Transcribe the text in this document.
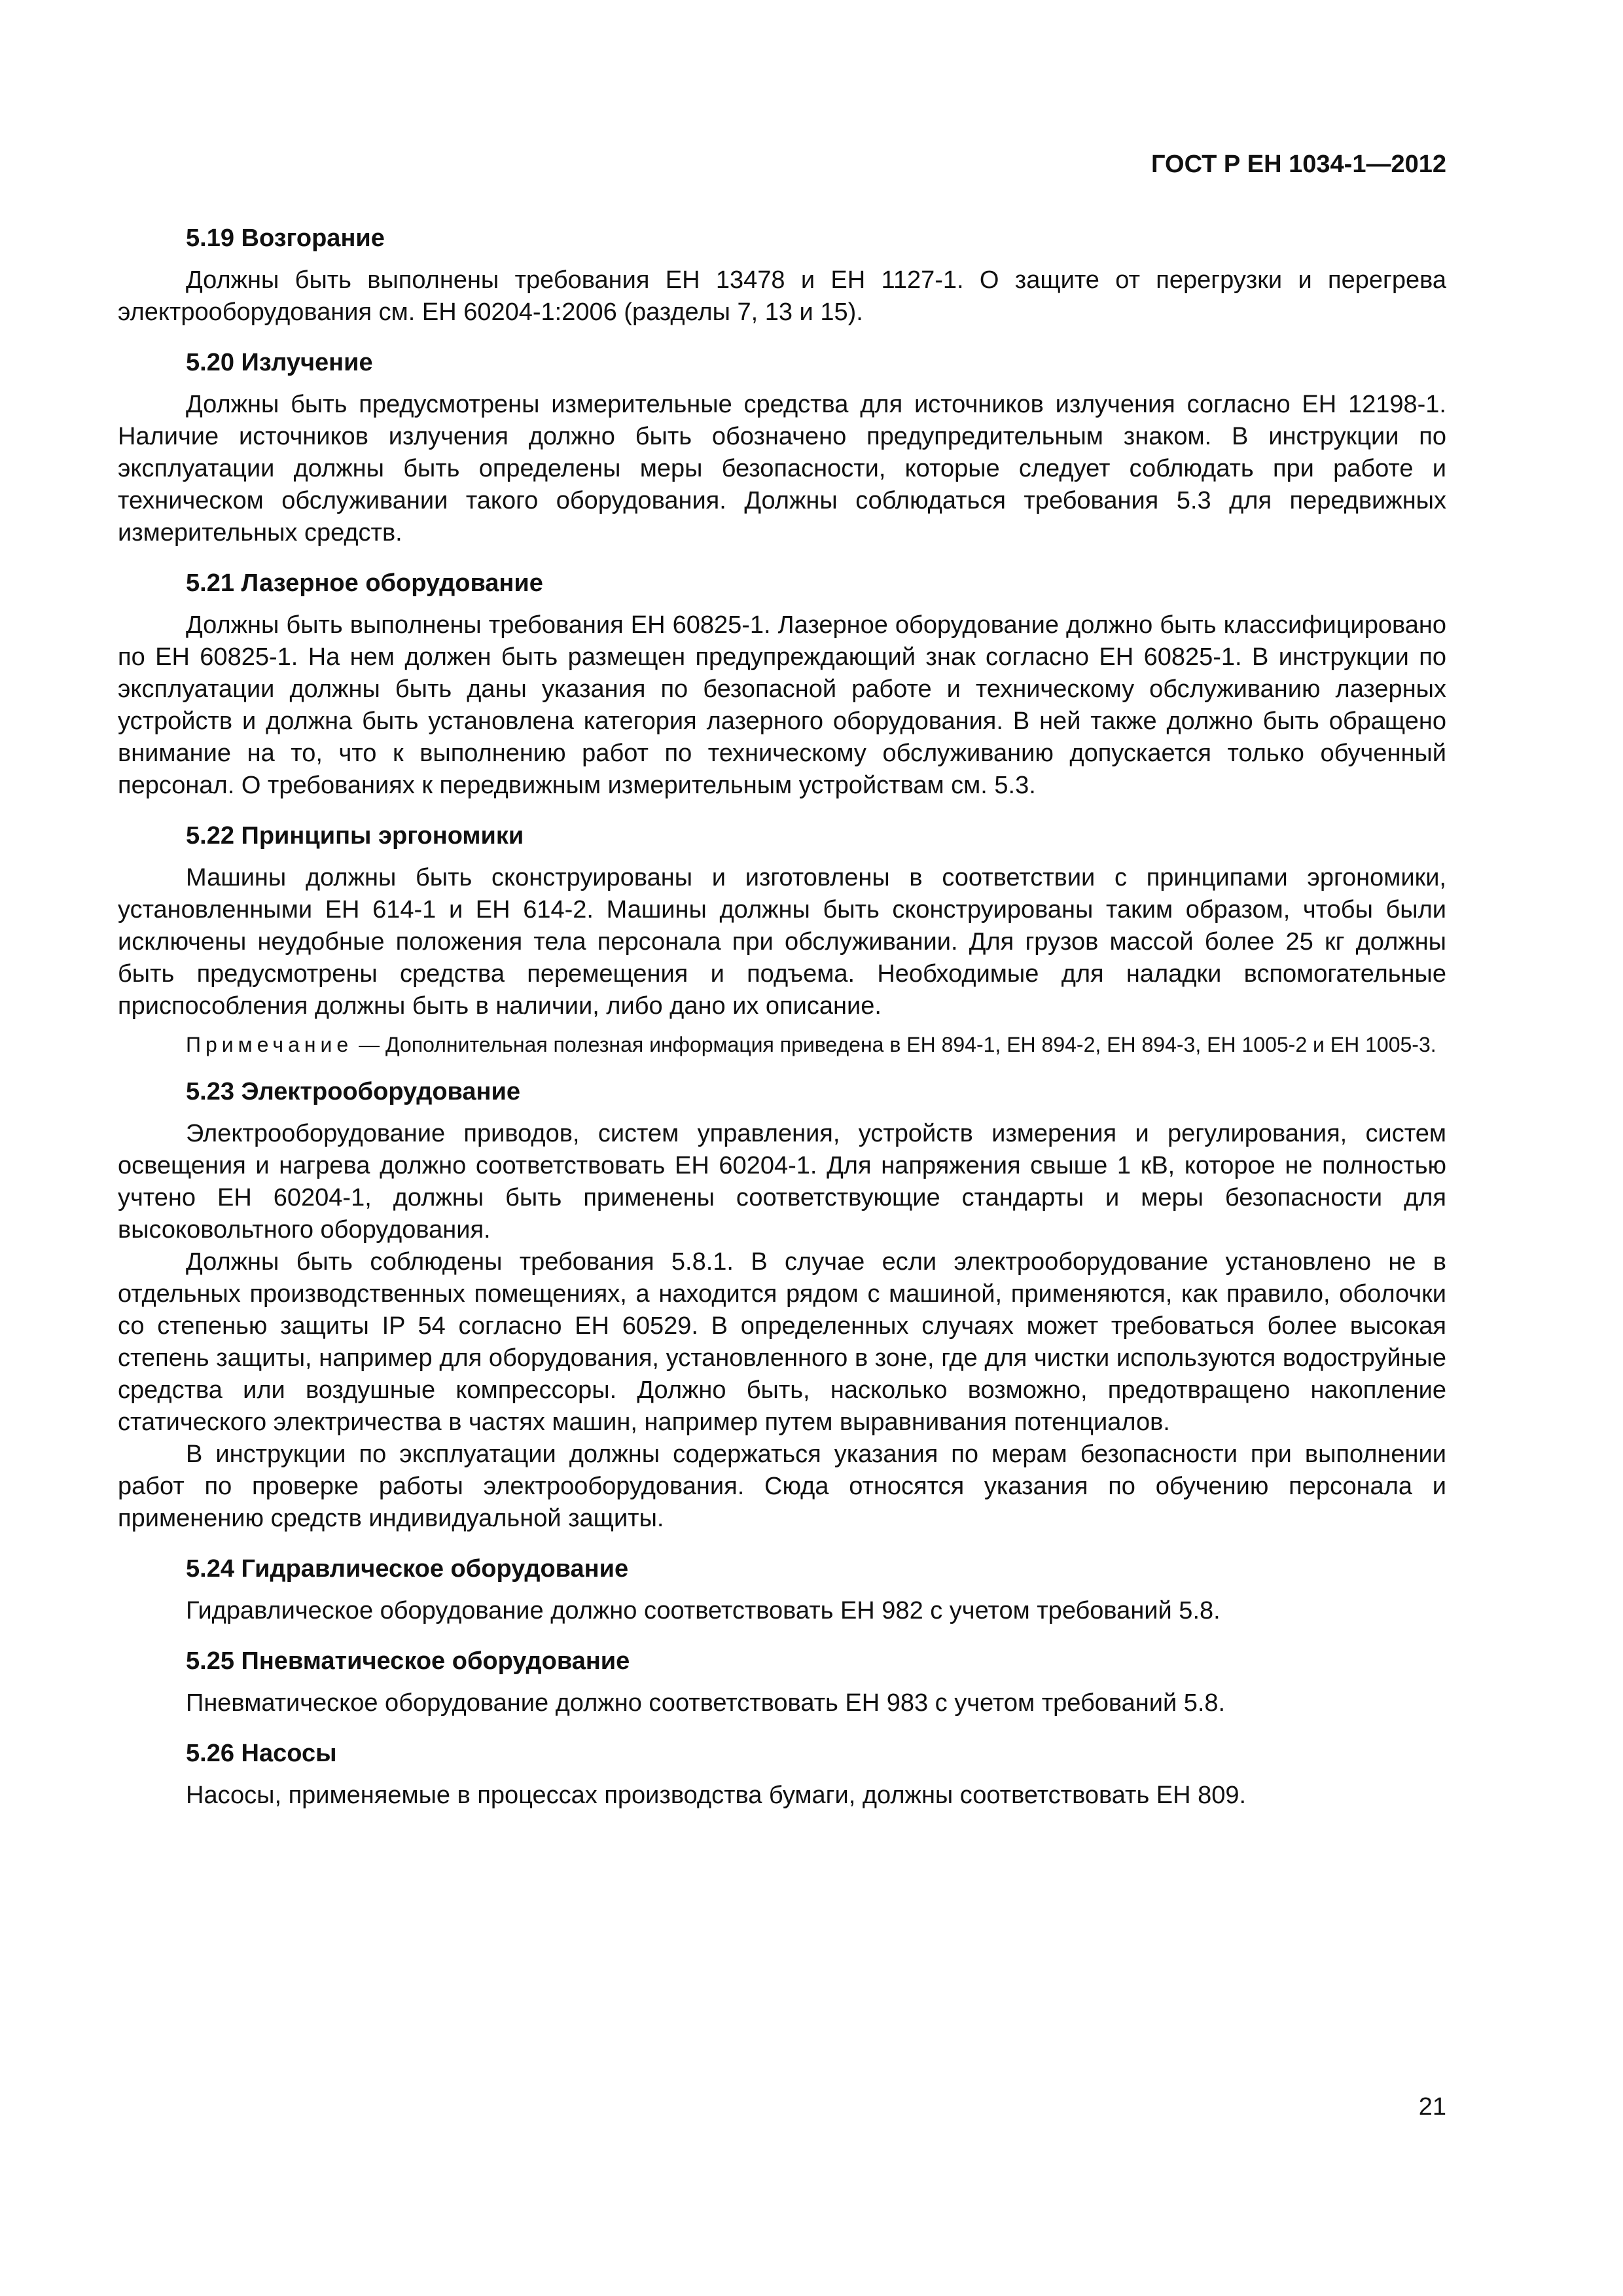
ГОСТ Р ЕН 1034-1—2012
5.19 Возгорание

Должны быть выполнены требования ЕН 13478 и ЕН 1127-1. О защите от перегрузки и перегрева электрооборудования см. ЕН 60204-1:2006 (разделы 7, 13 и 15).

5.20 Излучение

Должны быть предусмотрены измерительные средства для источников излучения согласно ЕН 12198-1. Наличие источников излучения должно быть обозначено предупредительным знаком. В инструкции по эксплуатации должны быть определены меры безопасности, которые следует соблюдать при работе и техническом обслуживании такого оборудования. Должны соблюдаться требования 5.3 для передвижных измерительных средств.

5.21 Лазерное оборудование

Должны быть выполнены требования ЕН 60825-1. Лазерное оборудование должно быть классифицировано по ЕН 60825-1. На нем должен быть размещен предупреждающий знак согласно ЕН 60825-1. В инструкции по эксплуатации должны быть даны указания по безопасной работе и техническому обслуживанию лазерных устройств и должна быть установлена категория лазерного оборудования. В ней также должно быть обращено внимание на то, что к выполнению работ по техническому обслуживанию допускается только обученный персонал. О требованиях к передвижным измерительным устройствам см. 5.3.

5.22 Принципы эргономики

Машины должны быть сконструированы и изготовлены в соответствии с принципами эргономики, установленными ЕН 614-1 и ЕН 614-2. Машины должны быть сконструированы таким образом, чтобы были исключены неудобные положения тела персонала при обслуживании. Для грузов массой более 25 кг должны быть предусмотрены средства перемещения и подъема. Необходимые для наладки вспомогательные приспособления должны быть в наличии, либо дано их описание.

Примечание — Дополнительная полезная информация приведена в ЕН 894-1, ЕН 894-2, ЕН 894-3, ЕН 1005-2 и ЕН 1005-3.

5.23 Электрооборудование

Электрооборудование приводов, систем управления, устройств измерения и регулирования, систем освещения и нагрева должно соответствовать ЕН 60204-1. Для напряжения свыше 1 кВ, которое не полностью учтено ЕН 60204-1, должны быть применены соответствующие стандарты и меры безопасности для высоковольтного оборудования.

Должны быть соблюдены требования 5.8.1. В случае если электрооборудование установлено не в отдельных производственных помещениях, а находится рядом с машиной, применяются, как правило, оболочки со степенью защиты IP 54 согласно ЕН 60529. В определенных случаях может требоваться более высокая степень защиты, например для оборудования, установленного в зоне, где для чистки используются водоструйные средства или воздушные компрессоры. Должно быть, насколько возможно, предотвращено накопление статического электричества в частях машин, например путем выравнивания потенциалов.

В инструкции по эксплуатации должны содержаться указания по мерам безопасности при выполнении работ по проверке работы электрооборудования. Сюда относятся указания по обучению персонала и применению средств индивидуальной защиты.

5.24 Гидравлическое оборудование

Гидравлическое оборудование должно соответствовать ЕН 982 с учетом требований 5.8.

5.25 Пневматическое оборудование

Пневматическое оборудование должно соответствовать ЕН 983 с учетом требований 5.8.

5.26 Насосы

Насосы, применяемые в процессах производства бумаги, должны соответствовать ЕН 809.

21
